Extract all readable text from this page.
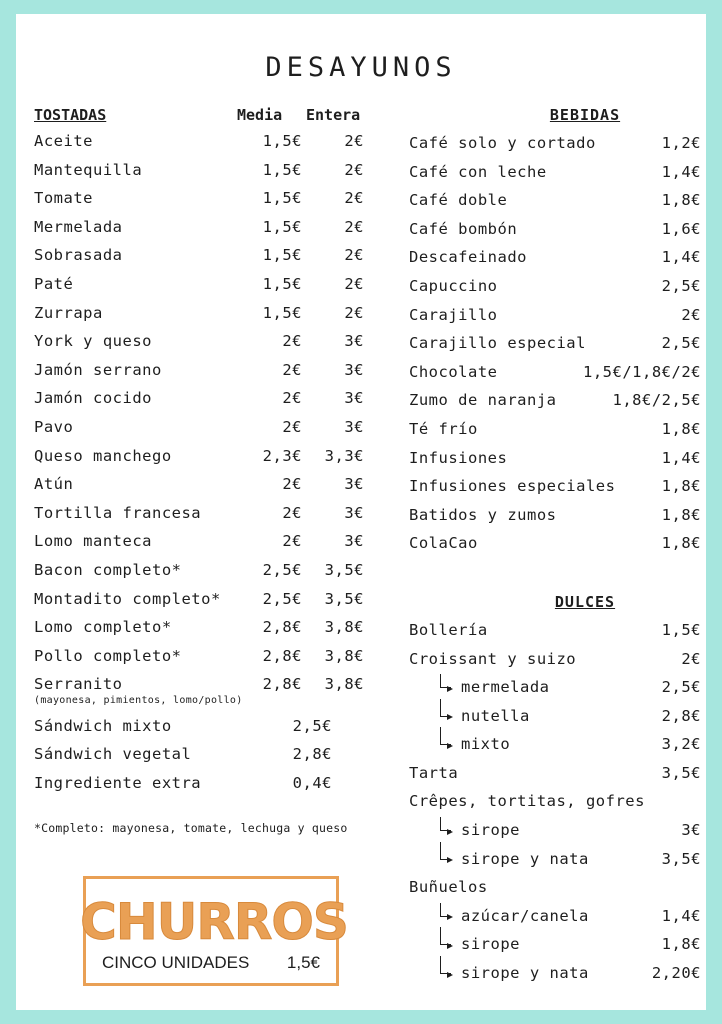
DESAYUNOS
TOSTADAS	Media Entera
Aceite	1,5€	2€
Mantequilla	1,5€	2€
Tomate	1,5€	2€
Mermelada	1,5€	2€
Sobrasada	1,5€	2€
Paté	1,5€	2€
Zurrapa	1,5€	2€
York y queso	2€	3€
Jamón serrano	2€	3€
Jamón cocido	2€	3€
Pavo	2€	3€
Queso manchego	2,3€ 3,3€
Atún	2€	3€
Tortilla francesa	2€	3€
Lomo manteca	2€	3€
Bacon completo*	2,5€ 3,5€
Montadito completo*	2,5€ 3,5€
Lomo completo*	2,8€ 3,8€
Pollo completo*	2,8€ 3,8€
Serranito	2,8€ 3,8€
(mayonesa, pimientos, lomo/pollo)
Sándwich mixto	2,5€
Sándwich vegetal	2,8€
Ingrediente extra	0,4€
*Completo: mayonesa, tomate, lechuga y queso
CHURROS
CINCO UNIDADES 1,5€
BEBIDAS
Café solo y cortado	1,2€
Café con leche	1,4€
Café doble	1,8€
Café bombón	1,6€
Descafeinado	1,4€
Capuccino	2,5€
Carajillo	2€
Carajillo especial	2,5€
Chocolate	1,5€/1,8€/2€
Zumo de naranja	1,8€/2,5€
Té frío	1,8€
Infusiones	1,4€
Infusiones especiales	1,8€
Batidos y zumos	1,8€
ColaCao	1,8€
DULCES
Bollería	1,5€
Croissant y suizo	2€
mermelada	2,5€
nutella	2,8€
mixto	3,2€
Tarta	3,5€
Crêpes, tortitas, gofres
sirope	3€
sirope y nata	3,5€
Buñuelos
azúcar/canela	1,4€
sirope	1,8€
sirope y nata	2,20€
